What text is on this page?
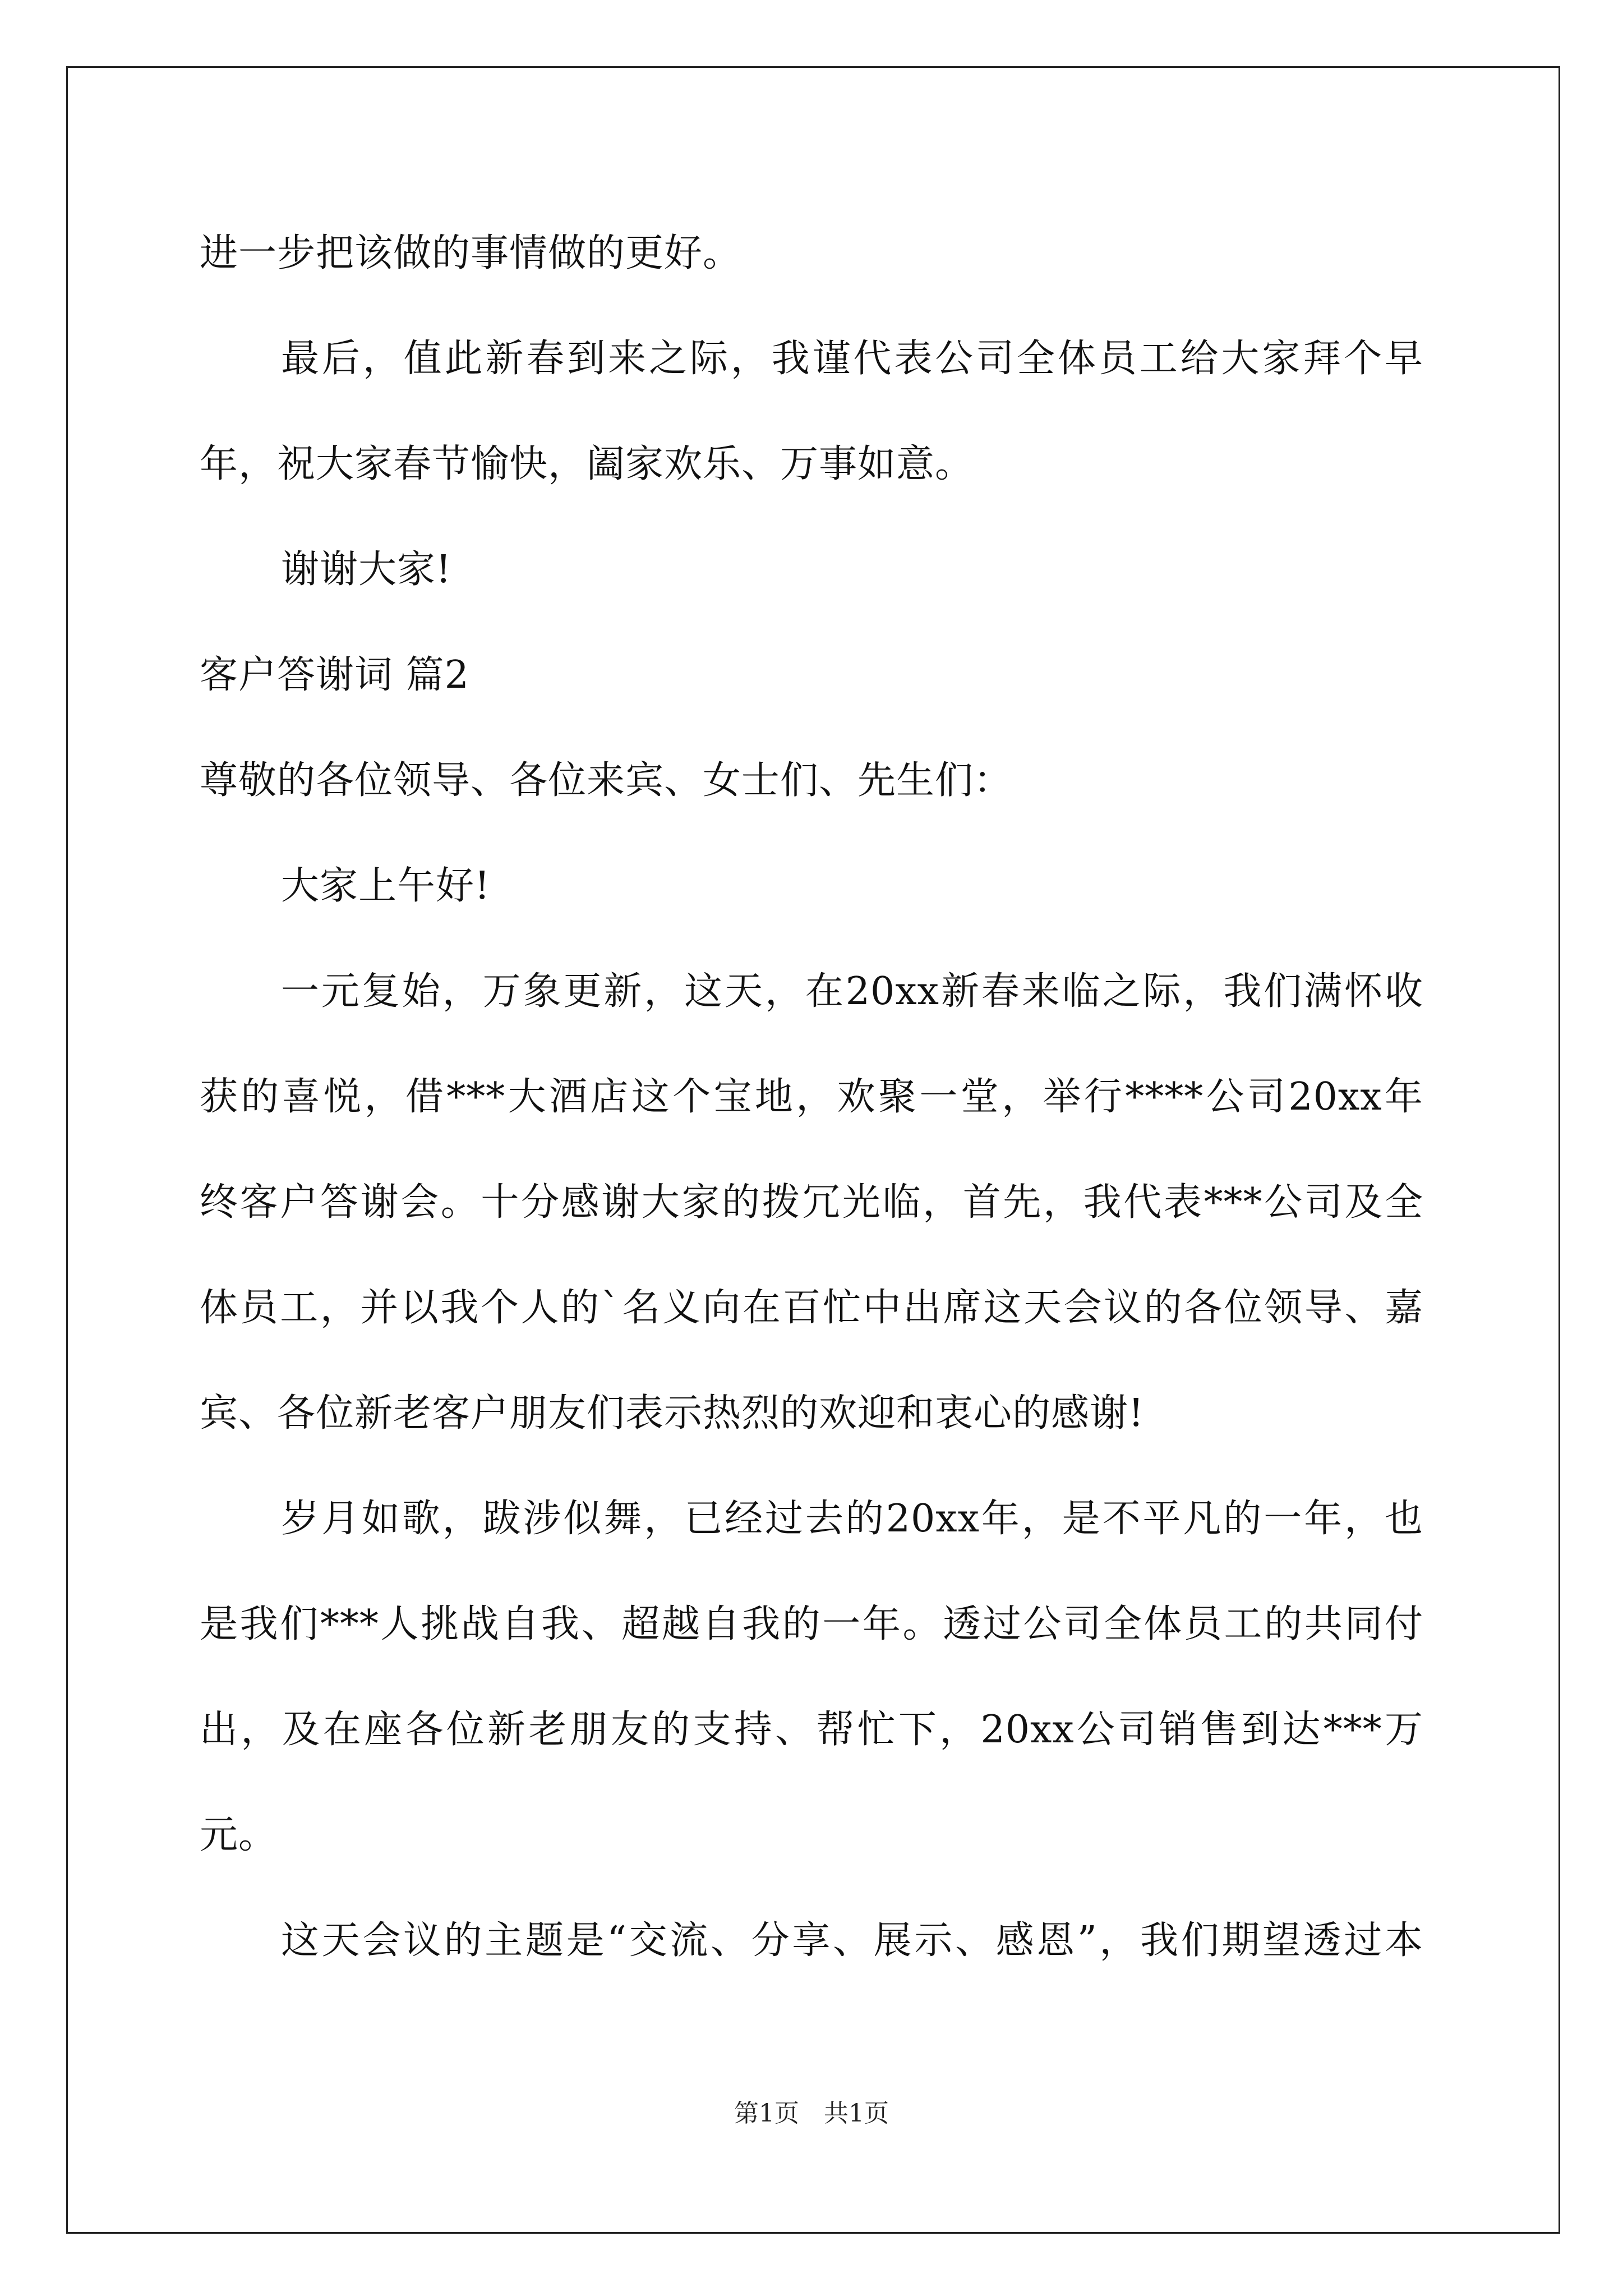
进一步把该做的事情做的更好。
最后，值此新春到来之际，我谨代表公司全体员工给大家拜个早
年，祝大家春节愉快，阖家欢乐、万事如意。
谢谢大家!
客户答谢词 篇2
尊敬的各位领导、各位来宾、女士们、先生们：
大家上午好!
一元复始，万象更新，这天，在20xx新春来临之际，我们满怀收
获的喜悦，借***大酒店这个宝地，欢聚一堂，举行****公司20xx年
终客户答谢会。十分感谢大家的拨冗光临，首先，我代表***公司及全
体员工，并以我个人的`名义向在百忙中出席这天会议的各位领导、嘉
宾、各位新老客户朋友们表示热烈的欢迎和衷心的感谢!
岁月如歌，跋涉似舞，已经过去的20xx年，是不平凡的一年，也
是我们***人挑战自我、超越自我的一年。透过公司全体员工的共同付
出，及在座各位新老朋友的支持、帮忙下，20xx公司销售到达***万
元。
这天会议的主题是“交流、分享、展示、感恩”，我们期望透过本
第1页 共1页
